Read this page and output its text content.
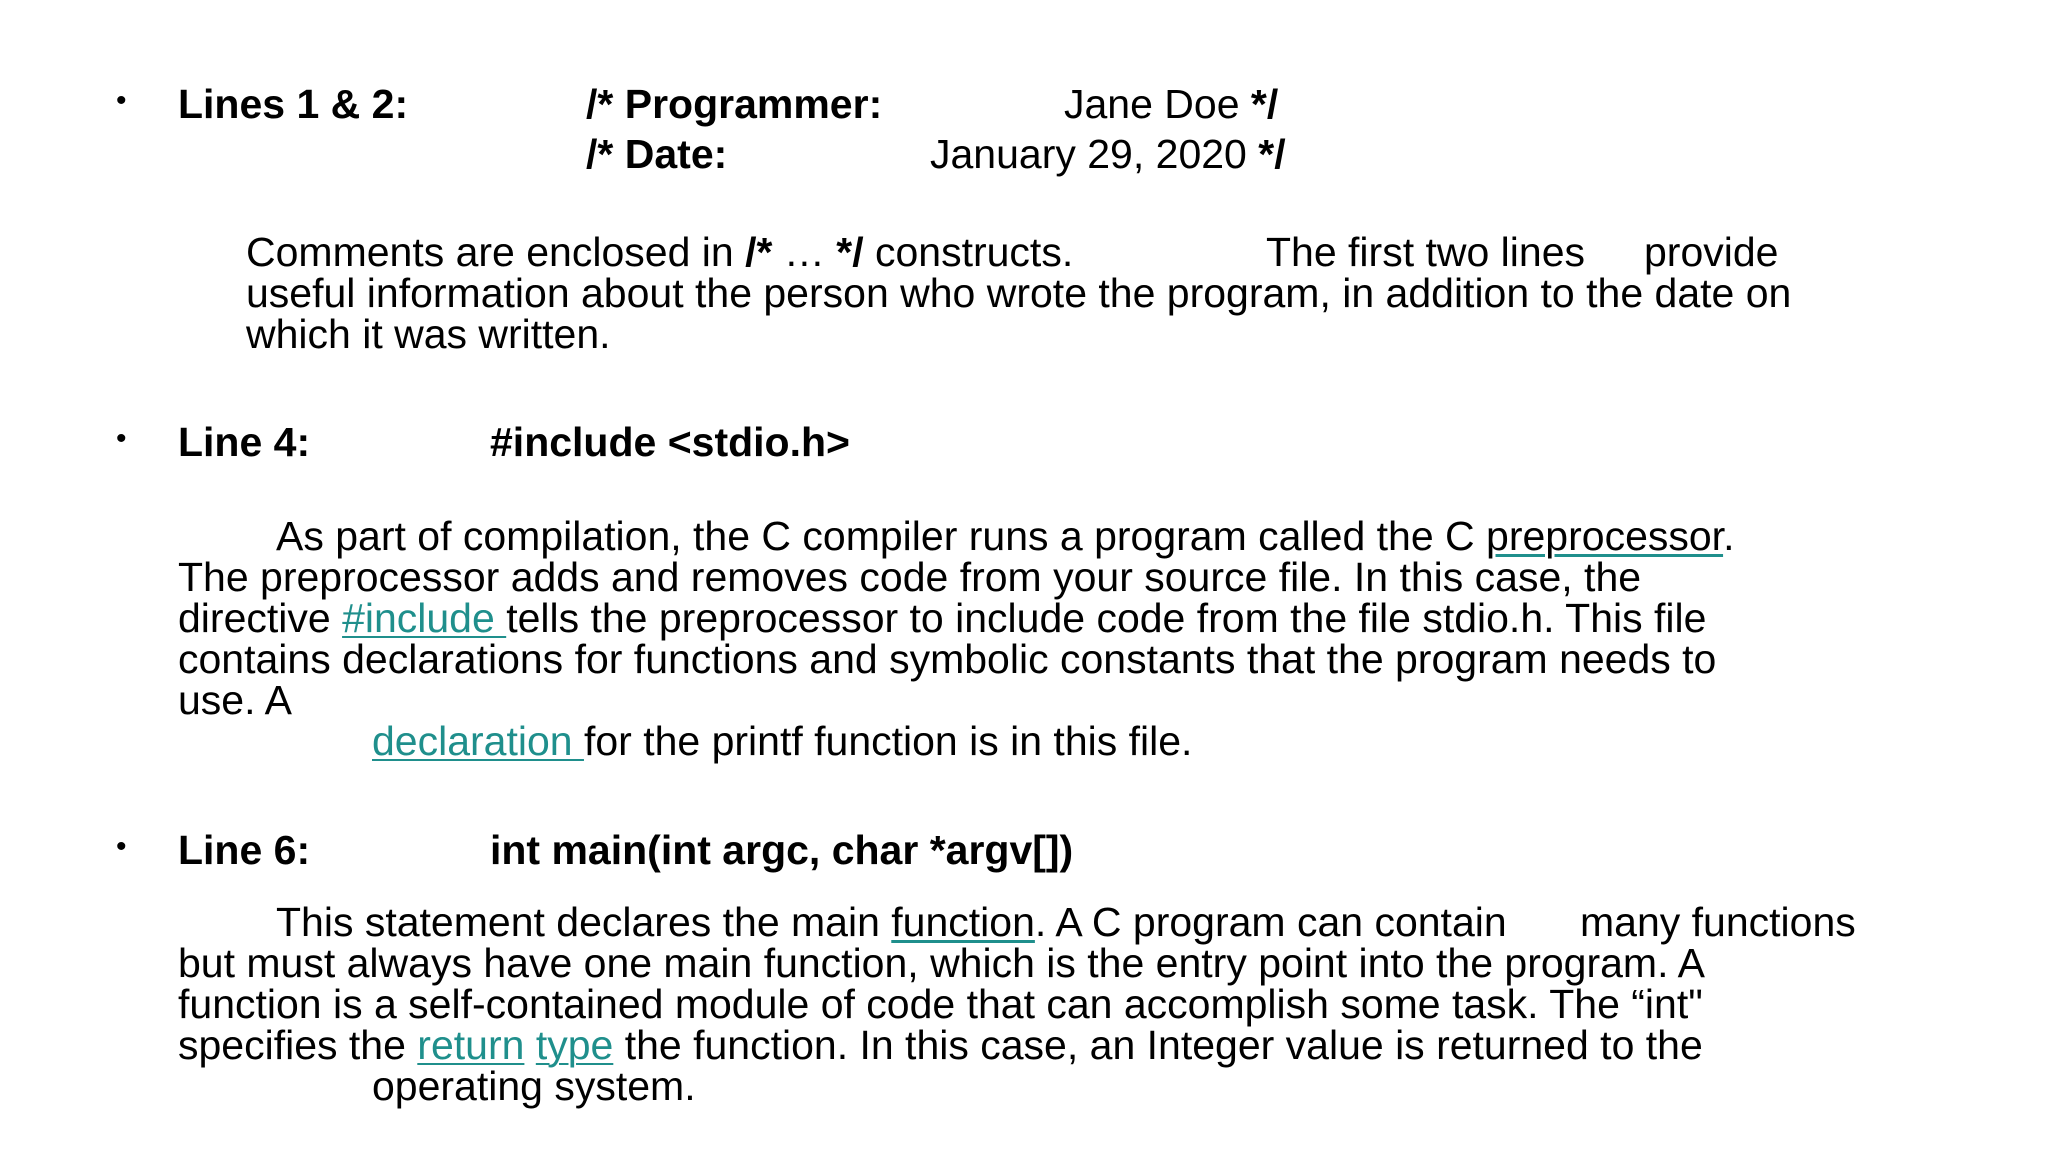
• Lines 1 & 2:	/* Programmer:	Jane Doe */
/* Date:	January 29, 2020 */
Comments are enclosed in /* … */ constructs.	The first two lines provide
useful information about the person who wrote the program, in addition to the date on
which it was written.
• Line 4:	#include <stdio.h>
As part of compilation, the C compiler runs a program called the C preprocessor.
The preprocessor adds and removes code from your source file. In this case, the
directive #include tells the preprocessor to include code from the file stdio.h. This file
contains declarations for functions and symbolic constants that the program needs to
use. A
declaration for the printf function is in this file.
• Line 6:	int main(int argc, char *argv[])
This statement declares the main function. A C program can contain many functions
but must always have one main function, which is the entry point into the program. A
function is a self-contained module of code that can accomplish some task. The “int"
specifies the return type the function. In this case, an Integer value is returned to the
operating system.
